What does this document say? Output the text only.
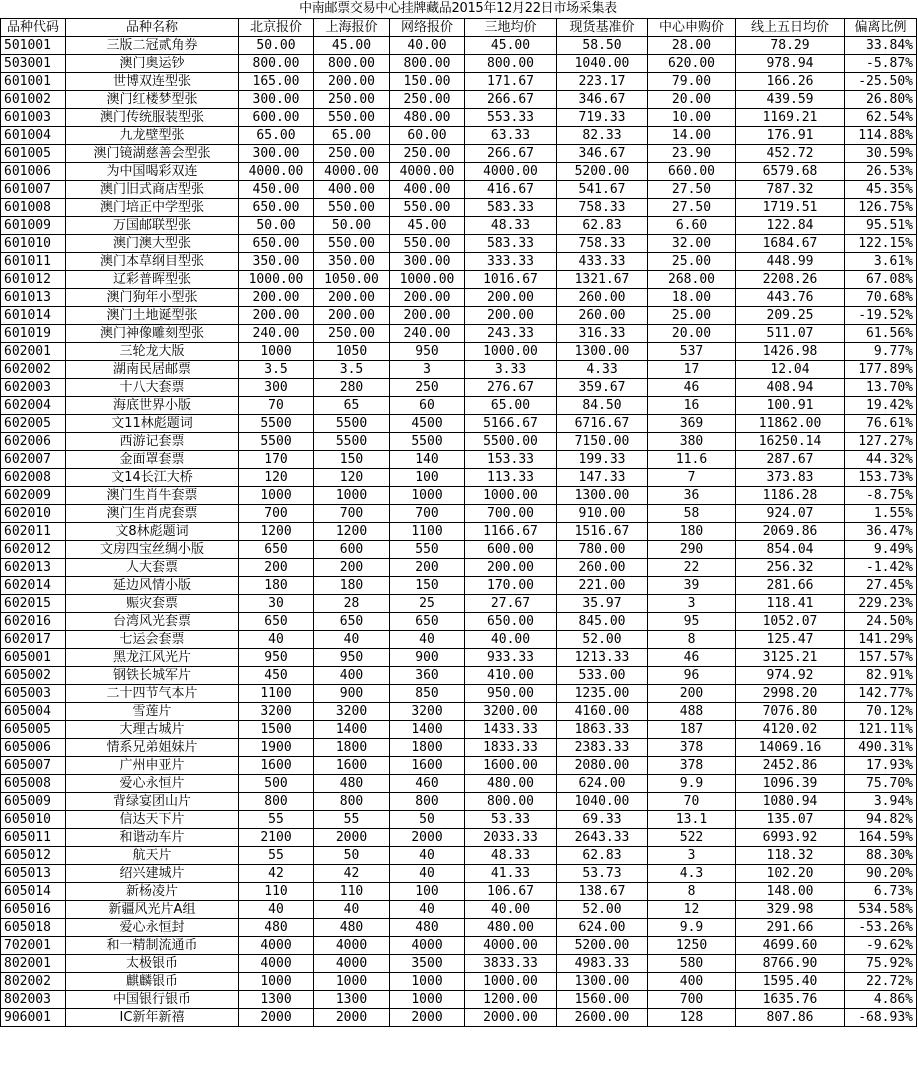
中南邮票交易中心挂牌藏品2015年12月22日市场采集表
品种代码	品种名称	北京报价	上海报价	网络报价	三地均价	现货基准价	中心申购价	线上五日均价	偏离比例
501001	三版二冠贰角券	50.00	45.00	40.00	45.00	58.50	28.00	78.29	33.84%
503001	澳门奥运钞	800.00	800.00	800.00	800.00	1040.00	620.00	978.94	-5.87%
601001	世博双连型张	165.00	200.00	150.00	171.67	223.17	79.00	166.26	-25.50%
601002	澳门红楼梦型张	300.00	250.00	250.00	266.67	346.67	20.00	439.59	26.80%
601003	澳门传统服装型张	600.00	550.00	480.00	553.33	719.33	10.00	1169.21	62.54%
601004	九龙壁型张	65.00	65.00	60.00	63.33	82.33	14.00	176.91	114.88%
601005	澳门镜湖慈善会型张	300.00	250.00	250.00	266.67	346.67	23.90	452.72	30.59%
601006	为中国喝彩双连	4000.00	4000.00	4000.00	4000.00	5200.00	660.00	6579.68	26.53%
601007	澳门旧式商店型张	450.00	400.00	400.00	416.67	541.67	27.50	787.32	45.35%
601008	澳门培正中学型张	650.00	550.00	550.00	583.33	758.33	27.50	1719.51	126.75%
601009	万国邮联型张	50.00	50.00	45.00	48.33	62.83	6.60	122.84	95.51%
601010	澳门澳大型张	650.00	550.00	550.00	583.33	758.33	32.00	1684.67	122.15%
601011	澳门本草纲目型张	350.00	350.00	300.00	333.33	433.33	25.00	448.99	3.61%
601012	辽彩普晖型张	1000.00	1050.00	1000.00	1016.67	1321.67	268.00	2208.26	67.08%
601013	澳门狗年小型张	200.00	200.00	200.00	200.00	260.00	18.00	443.76	70.68%
601014	澳门土地诞型张	200.00	200.00	200.00	200.00	260.00	25.00	209.25	-19.52%
601019	澳门神像雕刻型张	240.00	250.00	240.00	243.33	316.33	20.00	511.07	61.56%
602001	三轮龙大版	1000	1050	950	1000.00	1300.00	537	1426.98	9.77%
602002	湖南民居邮票	3.5	3.5	3	3.33	4.33	17	12.04	177.89%
602003	十八大套票	300	280	250	276.67	359.67	46	408.94	13.70%
602004	海底世界小版	70	65	60	65.00	84.50	16	100.91	19.42%
602005	文11林彪题词	5500	5500	4500	5166.67	6716.67	369	11862.00	76.61%
602006	西游记套票	5500	5500	5500	5500.00	7150.00	380	16250.14	127.27%
602007	金面罩套票	170	150	140	153.33	199.33	11.6	287.67	44.32%
602008	文14长江大桥	120	120	100	113.33	147.33	7	373.83	153.73%
602009	澳门生肖牛套票	1000	1000	1000	1000.00	1300.00	36	1186.28	-8.75%
602010	澳门生肖虎套票	700	700	700	700.00	910.00	58	924.07	1.55%
602011	文8林彪题词	1200	1200	1100	1166.67	1516.67	180	2069.86	36.47%
602012	文房四宝丝绸小版	650	600	550	600.00	780.00	290	854.04	9.49%
602013	人大套票	200	200	200	200.00	260.00	22	256.32	-1.42%
602014	延边风情小版	180	180	150	170.00	221.00	39	281.66	27.45%
602015	赈灾套票	30	28	25	27.67	35.97	3	118.41	229.23%
602016	台湾风光套票	650	650	650	650.00	845.00	95	1052.07	24.50%
602017	七运会套票	40	40	40	40.00	52.00	8	125.47	141.29%
605001	黑龙江风光片	950	950	900	933.33	1213.33	46	3125.21	157.57%
605002	钢铁长城军片	450	400	360	410.00	533.00	96	974.92	82.91%
605003	二十四节气本片	1100	900	850	950.00	1235.00	200	2998.20	142.77%
605004	雪莲片	3200	3200	3200	3200.00	4160.00	488	7076.80	70.12%
605005	大理古城片	1500	1400	1400	1433.33	1863.33	187	4120.02	121.11%
605006	情系兄弟姐妹片	1900	1800	1800	1833.33	2383.33	378	14069.16	490.31%
605007	广州申亚片	1600	1600	1600	1600.00	2080.00	378	2452.86	17.93%
605008	爱心永恒片	500	480	460	480.00	624.00	9.9	1096.39	75.70%
605009	背绿宴团山片	800	800	800	800.00	1040.00	70	1080.94	3.94%
605010	信达天下片	55	55	50	53.33	69.33	13.1	135.07	94.82%
605011	和谐动车片	2100	2000	2000	2033.33	2643.33	522	6993.92	164.59%
605012	航天片	55	50	40	48.33	62.83	3	118.32	88.30%
605013	绍兴建城片	42	42	40	41.33	53.73	4.3	102.20	90.20%
605014	新杨凌片	110	110	100	106.67	138.67	8	148.00	6.73%
605016	新疆风光片A组	40	40	40	40.00	52.00	12	329.98	534.58%
605018	爱心永恒封	480	480	480	480.00	624.00	9.9	291.66	-53.26%
702001	和一精制流通币	4000	4000	4000	4000.00	5200.00	1250	4699.60	-9.62%
802001	太极银币	4000	4000	3500	3833.33	4983.33	580	8766.90	75.92%
802002	麒麟银币	1000	1000	1000	1000.00	1300.00	400	1595.40	22.72%
802003	中国银行银币	1300	1300	1000	1200.00	1560.00	700	1635.76	4.86%
906001	IC新年新禧	2000	2000	2000	2000.00	2600.00	128	807.86	-68.93%
